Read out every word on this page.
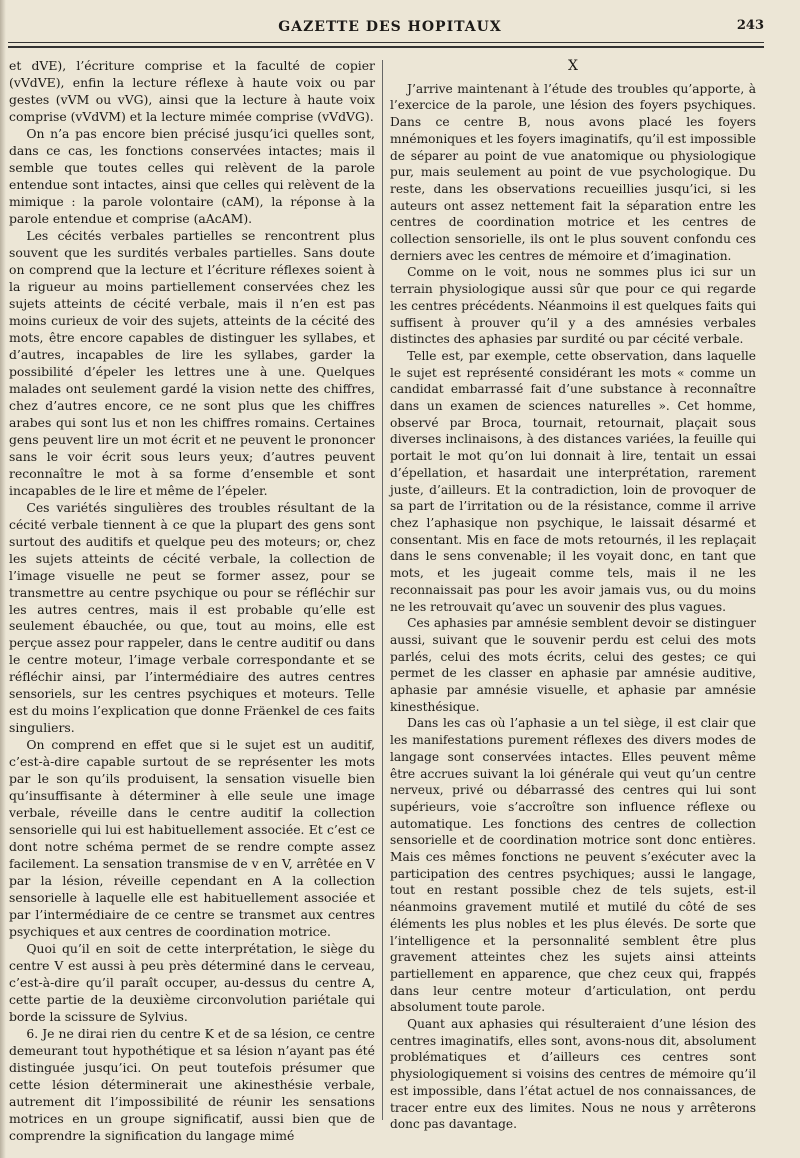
GAZETTE DES HOPITAUX	243

et dVE), l’écriture comprise et la faculté de copier (vVdVE), enfin la lecture réflexe à haute voix ou par gestes (vVM ou vVG), ainsi que la lecture à haute voix comprise (vVdVM) et la lecture mimée comprise (vVdVG).

On n’a pas encore bien précisé jusqu’ici quelles sont, dans ce cas, les fonctions conservées intactes; mais il semble que toutes celles qui relèvent de la parole entendue sont intactes, ainsi que celles qui relèvent de la mimique : la parole volontaire (cAM), la réponse à la parole entendue et comprise (aAcAM).

Les cécités verbales partielles se rencontrent plus souvent que les surdités verbales partielles. Sans doute on comprend que la lecture et l’écriture réflexes soient à la rigueur au moins partiellement conservées chez les sujets atteints de cécité verbale, mais il n’en est pas moins curieux de voir des sujets, atteints de la cécité des mots, être encore capables de distinguer les syllabes, et d’autres, incapables de lire les syllabes, garder la possibilité d’épeler les lettres une à une. Quelques malades ont seulement gardé la vision nette des chiffres, chez d’autres encore, ce ne sont plus que les chiffres arabes qui sont lus et non les chiffres romains. Certaines gens peuvent lire un mot écrit et ne peuvent le prononcer sans le voir écrit sous leurs yeux; d’autres peuvent reconnaître le mot à sa forme d’ensemble et sont incapables de le lire et même de l’épeler.

Ces variétés singulières des troubles résultant de la cécité verbale tiennent à ce que la plupart des gens sont surtout des auditifs et quelque peu des moteurs; or, chez les sujets atteints de cécité verbale, la collection de l’image visuelle ne peut se former assez, pour se transmettre au centre psychique ou pour se réfléchir sur les autres centres, mais il est probable qu’elle est seulement ébauchée, ou que, tout au moins, elle est perçue assez pour rappeler, dans le centre auditif ou dans le centre moteur, l’image verbale correspondante et se réfléchir ainsi, par l’intermédiaire des autres centres sensoriels, sur les centres psychiques et moteurs. Telle est du moins l’explication que donne Fräenkel de ces faits singuliers.

On comprend en effet que si le sujet est un auditif, c’est-à-dire capable surtout de se représenter les mots par le son qu’ils produisent, la sensation visuelle bien qu’insuffisante à déterminer à elle seule une image verbale, réveille dans le centre auditif la collection sensorielle qui lui est habituellement associée. Et c’est ce dont notre schéma permet de se rendre compte assez facilement. La sensation transmise de v en V, arrêtée en V par la lésion, réveille cependant en A la collection sensorielle à laquelle elle est habituellement associée et par l’intermédiaire de ce centre se transmet aux centres psychiques et aux centres de coordination motrice.

Quoi qu’il en soit de cette interprétation, le siège du centre V est aussi à peu près déterminé dans le cerveau, c’est-à-dire qu’il paraît occuper, au-dessus du centre A, cette partie de la deuxième circonvolution pariétale qui borde la scissure de Sylvius.

6. Je ne dirai rien du centre K et de sa lésion, ce centre demeurant tout hypothétique et sa lésion n’ayant pas été distinguée jusqu’ici. On peut toutefois présumer que cette lésion déterminerait une akinesthésie verbale, autrement dit l’impossibilité de réunir les sensations motrices en un groupe significatif, aussi bien que de comprendre la signification du langage mimé

X

J’arrive maintenant à l’étude des troubles qu’apporte, à l’exercice de la parole, une lésion des foyers psychiques. Dans ce centre B, nous avons placé les foyers mnémoniques et les foyers imaginatifs, qu’il est impossible de séparer au point de vue anatomique ou physiologique pur, mais seulement au point de vue psychologique. Du reste, dans les observations recueillies jusqu’ici, si les auteurs ont assez nettement fait la séparation entre les centres de coordination motrice et les centres de collection sensorielle, ils ont le plus souvent confondu ces derniers avec les centres de mémoire et d’imagination.

Comme on le voit, nous ne sommes plus ici sur un terrain physiologique aussi sûr que pour ce qui regarde les centres précédents. Néanmoins il est quelques faits qui suffisent à prouver qu’il y a des amnésies verbales distinctes des aphasies par surdité ou par cécité verbale.

Telle est, par exemple, cette observation, dans laquelle le sujet est représenté considérant les mots « comme un candidat embarrassé fait d’une substance à reconnaître dans un examen de sciences naturelles ». Cet homme, observé par Broca, tournait, retournait, plaçait sous diverses inclinaisons, à des distances variées, la feuille qui portait le mot qu’on lui donnait à lire, tentait un essai d’épellation, et hasardait une interprétation, rarement juste, d’ailleurs. Et la contradiction, loin de provoquer de sa part de l’irritation ou de la résistance, comme il arrive chez l’aphasique non psychique, le laissait désarmé et consentant. Mis en face de mots retournés, il les replaçait dans le sens convenable; il les voyait donc, en tant que mots, et les jugeait comme tels, mais il ne les reconnaissait pas pour les avoir jamais vus, ou du moins ne les retrouvait qu’avec un souvenir des plus vagues.

Ces aphasies par amnésie semblent devoir se distinguer aussi, suivant que le souvenir perdu est celui des mots parlés, celui des mots écrits, celui des gestes; ce qui permet de les classer en aphasie par amnésie auditive, aphasie par amnésie visuelle, et aphasie par amnésie kinesthésique.

Dans les cas où l’aphasie a un tel siège, il est clair que les manifestations purement réflexes des divers modes de langage sont conservées intactes. Elles peuvent même être accrues suivant la loi générale qui veut qu’un centre nerveux, privé ou débarrassé des centres qui lui sont supérieurs, voie s’accroître son influence réflexe ou automatique. Les fonctions des centres de collection sensorielle et de coordination motrice sont donc entières. Mais ces mêmes fonctions ne peuvent s’exécuter avec la participation des centres psychiques; aussi le langage, tout en restant possible chez de tels sujets, est-il néanmoins gravement mutilé et mutilé du côté de ses éléments les plus nobles et les plus élevés. De sorte que l’intelligence et la personnalité semblent être plus gravement atteintes chez les sujets ainsi atteints partiellement en apparence, que chez ceux qui, frappés dans leur centre moteur d’articulation, ont perdu absolument toute parole.

Quant aux aphasies qui résulteraient d’une lésion des centres imaginatifs, elles sont, avons-nous dit, absolument problématiques et d’ailleurs ces centres sont physiologiquement si voisins des centres de mémoire qu’il est impossible, dans l’état actuel de nos connaissances, de tracer entre eux des limites. Nous ne nous y arrêterons donc pas davantage.
